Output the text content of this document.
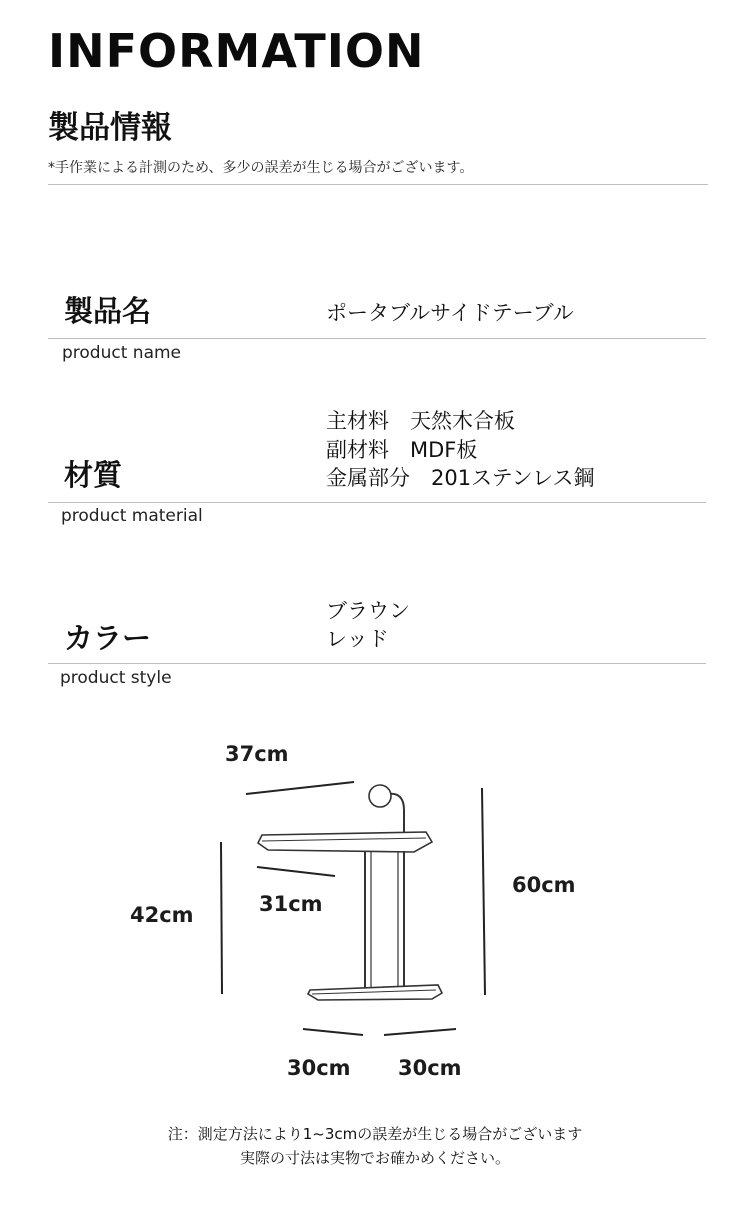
INFORMATION
製品情報
*手作業による計測のため、多少の誤差が生じる場合がございます。
製品名	ポータブルサイドテーブル
product name
主材料　天然木合板
副材料　MDF板
金属部分　201ステンレス鋼
材質
product material
ブラウン
レッド
カラー
product style
37cm
31cm
42cm
60cm
30cm 30cm
注：測定方法により1~3cmの誤差が生じる場合がございます
実際の寸法は実物でお確かめください。
